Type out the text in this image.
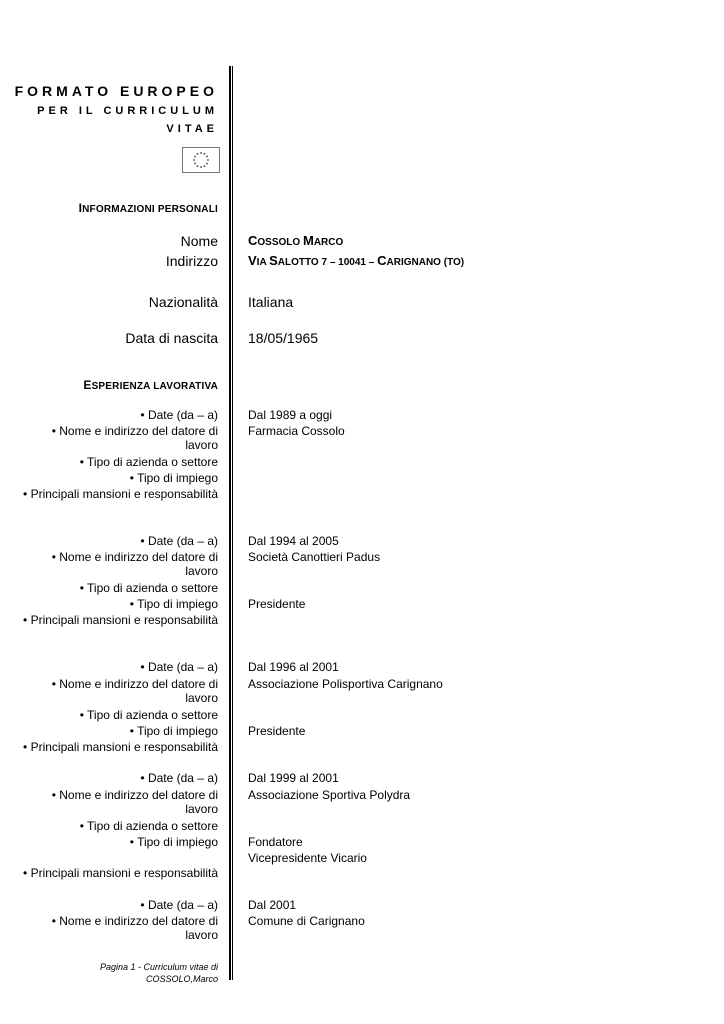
FORMATO EUROPEO
PER IL CURRICULUM
VITAE
INFORMAZIONI PERSONALI
Nome COSSOLO MARCO
Indirizzo VIA SALOTTO 7 – 10041 – CARIGNANO (TO)
Nazionalità Italiana
Data di nascita 18/05/1965
ESPERIENZA LAVORATIVA
• Date (da – a)	Dal 1989 a oggi
• Nome e indirizzo del datore di	Farmacia Cossolo
lavoro
• Tipo di azienda o settore
• Tipo di impiego
• Principali mansioni e responsabilità
• Date (da – a)	Dal 1994 al 2005
• Nome e indirizzo del datore di	Società Canottieri Padus
lavoro
• Tipo di azienda o settore
• Tipo di impiego	Presidente
• Principali mansioni e responsabilità
• Date (da – a)	Dal 1996 al 2001
• Nome e indirizzo del datore di	Associazione Polisportiva Carignano
lavoro
• Tipo di azienda o settore
• Tipo di impiego	Presidente
• Principali mansioni e responsabilità
• Date (da – a)	Dal 1999 al 2001
• Nome e indirizzo del datore di	Associazione Sportiva Polydra
lavoro
• Tipo di azienda o settore
• Tipo di impiego	Fondatore
Vicepresidente Vicario
• Principali mansioni e responsabilità
• Date (da – a)	Dal 2001
• Nome e indirizzo del datore di	Comune di Carignano
lavoro
Pagina 1 - Curriculum vitae di
COSSOLO,Marco
